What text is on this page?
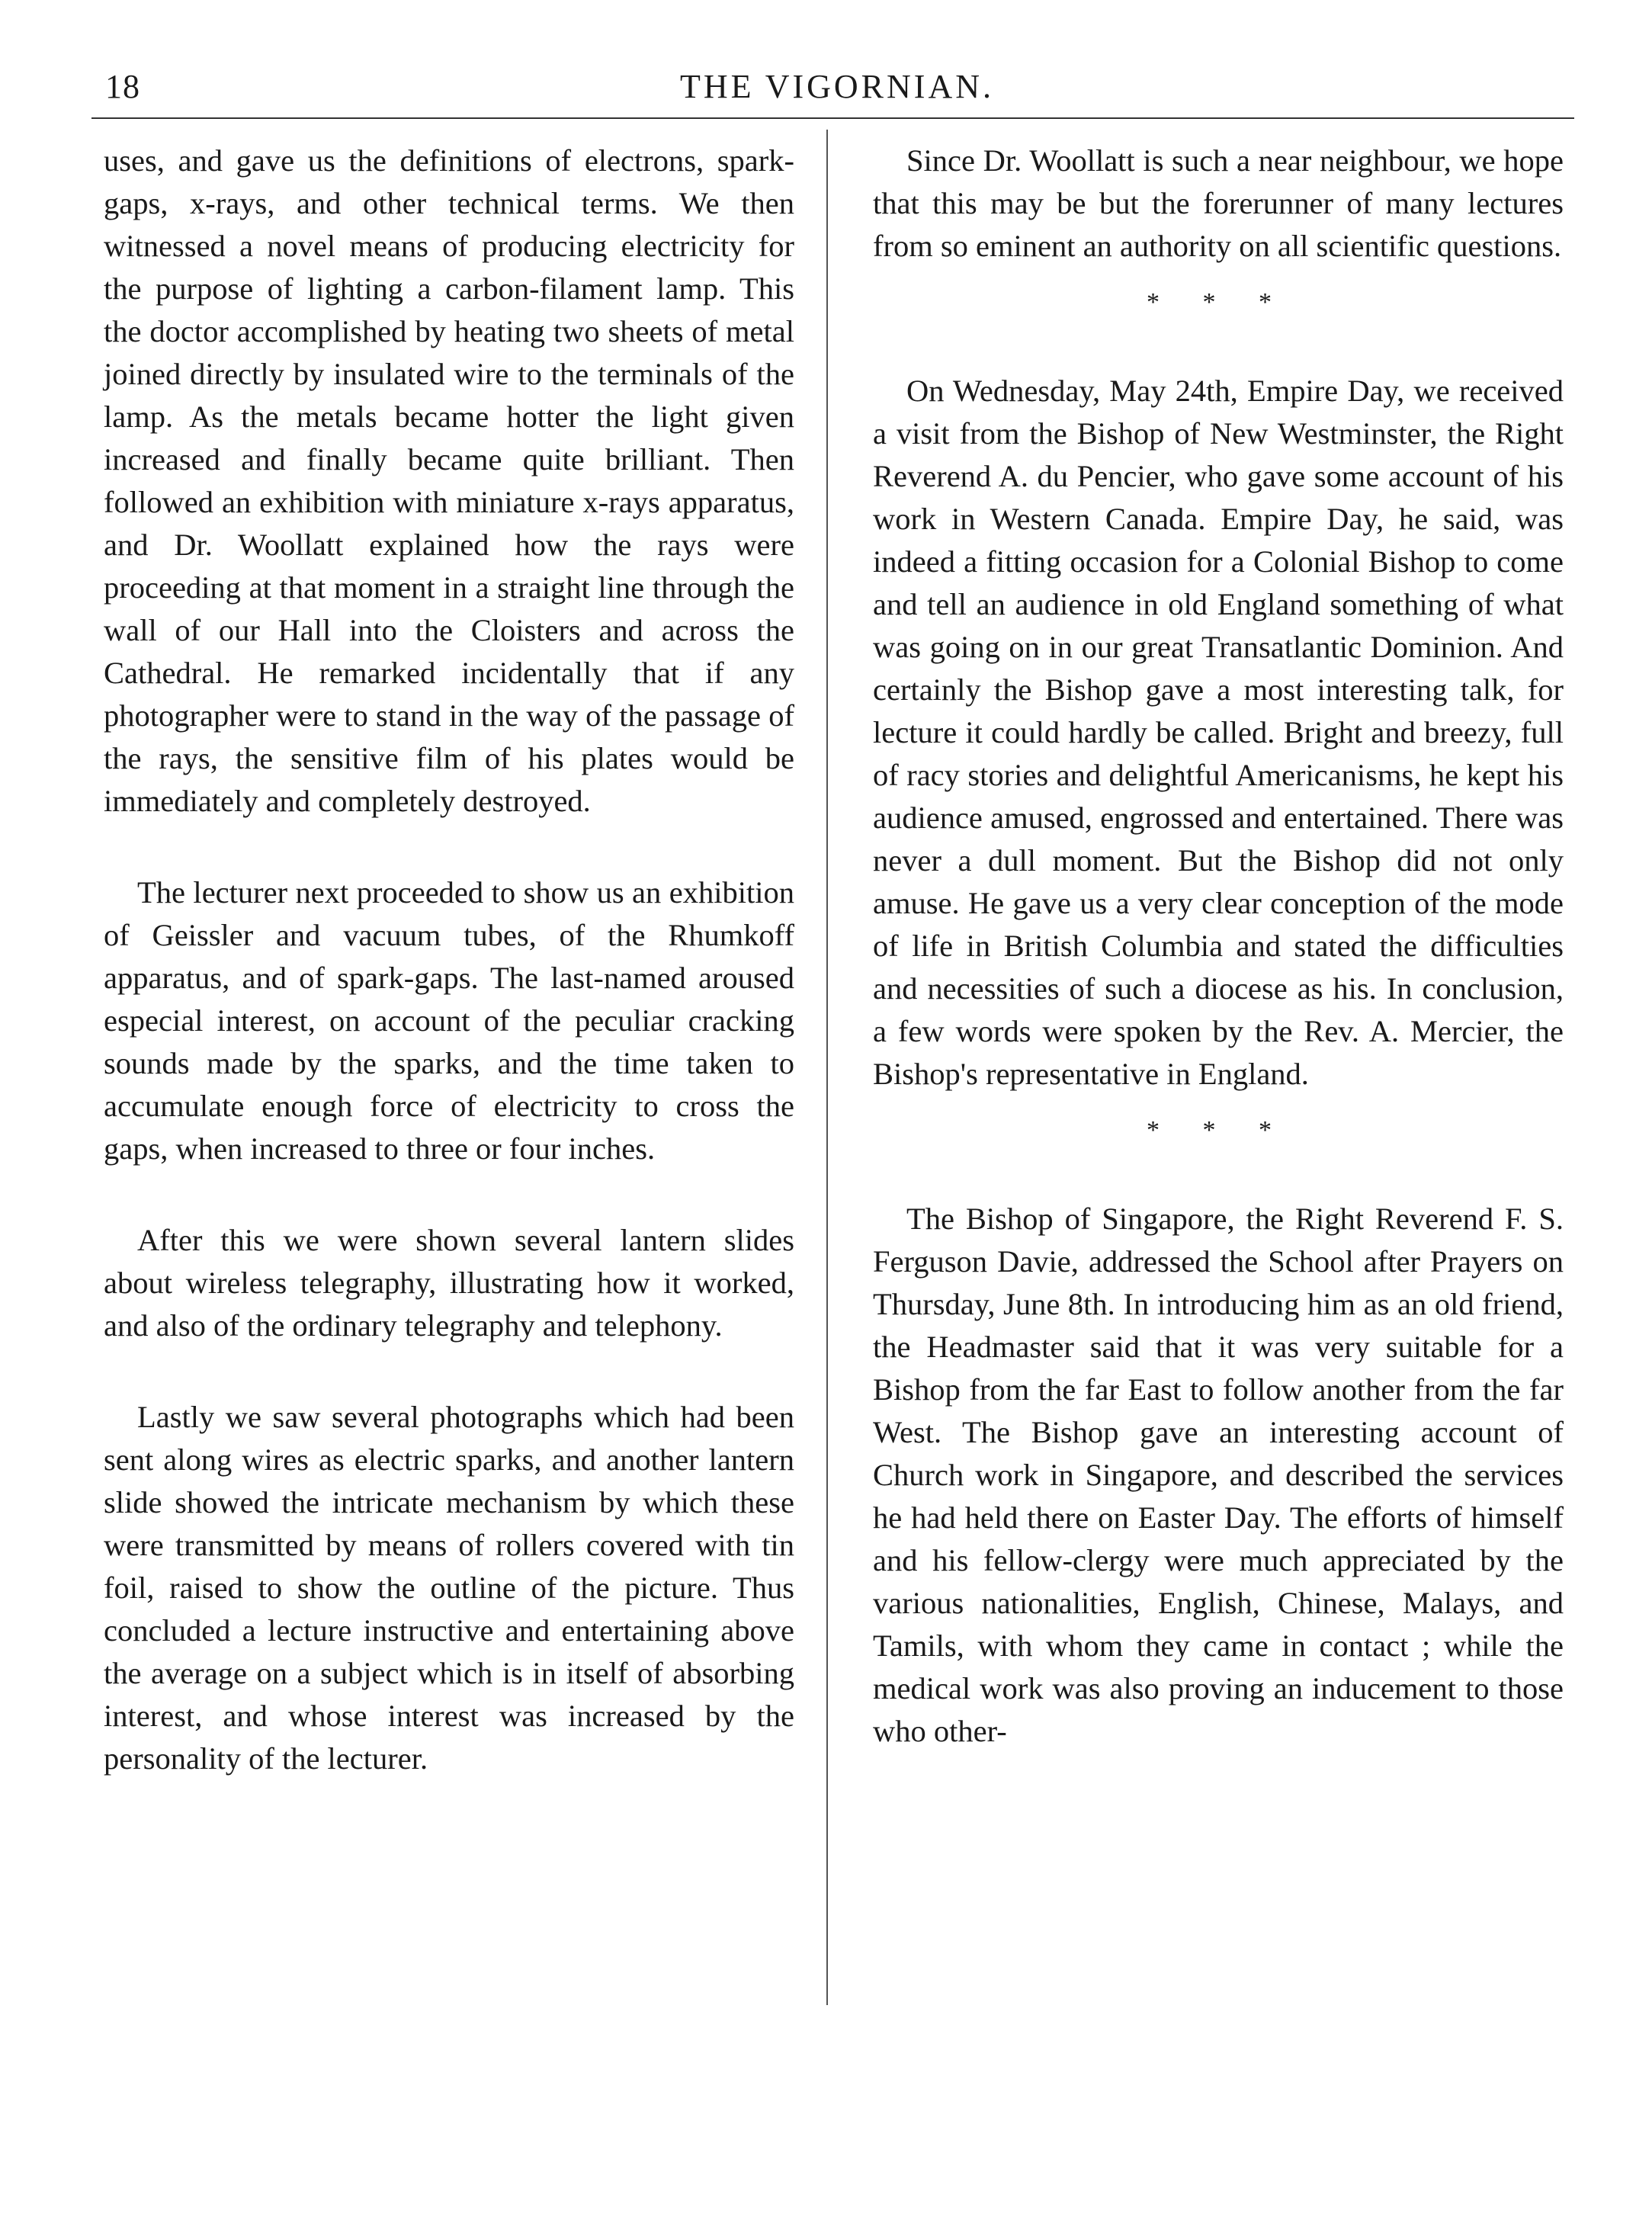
18	THE VIGORNIAN.

uses, and gave us the definitions of electrons, spark-gaps, x-rays, and other technical terms. We then witnessed a novel means of producing electricity for the purpose of lighting a carbon-filament lamp. This the doctor accomplished by heating two sheets of metal joined directly by insulated wire to the terminals of the lamp. As the metals became hotter the light given increased and finally became quite brilliant. Then followed an exhibition with miniature x-rays apparatus, and Dr. Woollatt explained how the rays were proceeding at that moment in a straight line through the wall of our Hall into the Cloisters and across the Cathedral. He remarked incidentally that if any photographer were to stand in the way of the passage of the rays, the sensitive film of his plates would be immediately and completely destroyed.

The lecturer next proceeded to show us an exhibition of Geissler and vacuum tubes, of the Rhumkoff apparatus, and of spark-gaps. The last-named aroused especial interest, on account of the peculiar cracking sounds made by the sparks, and the time taken to accumulate enough force of electricity to cross the gaps, when increased to three or four inches.

After this we were shown several lantern slides about wireless telegraphy, illustrating how it worked, and also of the ordinary telegraphy and telephony.

Lastly we saw several photographs which had been sent along wires as electric sparks, and another lantern slide showed the intricate mechanism by which these were transmitted by means of rollers covered with tin foil, raised to show the outline of the picture. Thus concluded a lecture instructive and entertaining above the average on a subject which is in itself of absorbing interest, and whose interest was increased by the personality of the lecturer.

Since Dr. Woollatt is such a near neighbour, we hope that this may be but the forerunner of many lectures from so eminent an authority on all scientific questions.

* * *

On Wednesday, May 24th, Empire Day, we received a visit from the Bishop of New Westminster, the Right Reverend A. du Pencier, who gave some account of his work in Western Canada. Empire Day, he said, was indeed a fitting occasion for a Colonial Bishop to come and tell an audience in old England something of what was going on in our great Transatlantic Dominion. And certainly the Bishop gave a most interesting talk, for lecture it could hardly be called. Bright and breezy, full of racy stories and delightful Americanisms, he kept his audience amused, engrossed and entertained. There was never a dull moment. But the Bishop did not only amuse. He gave us a very clear conception of the mode of life in British Columbia and stated the difficulties and necessities of such a diocese as his. In conclusion, a few words were spoken by the Rev. A. Mercier, the Bishop's representative in England.

* * *

The Bishop of Singapore, the Right Reverend F. S. Ferguson Davie, addressed the School after Prayers on Thursday, June 8th. In introducing him as an old friend, the Headmaster said that it was very suitable for a Bishop from the far East to follow another from the far West. The Bishop gave an interesting account of Church work in Singapore, and described the services he had held there on Easter Day. The efforts of himself and his fellow-clergy were much appreciated by the various nationalities, English, Chinese, Malays, and Tamils, with whom they came in contact ; while the medical work was also proving an inducement to those who other-
